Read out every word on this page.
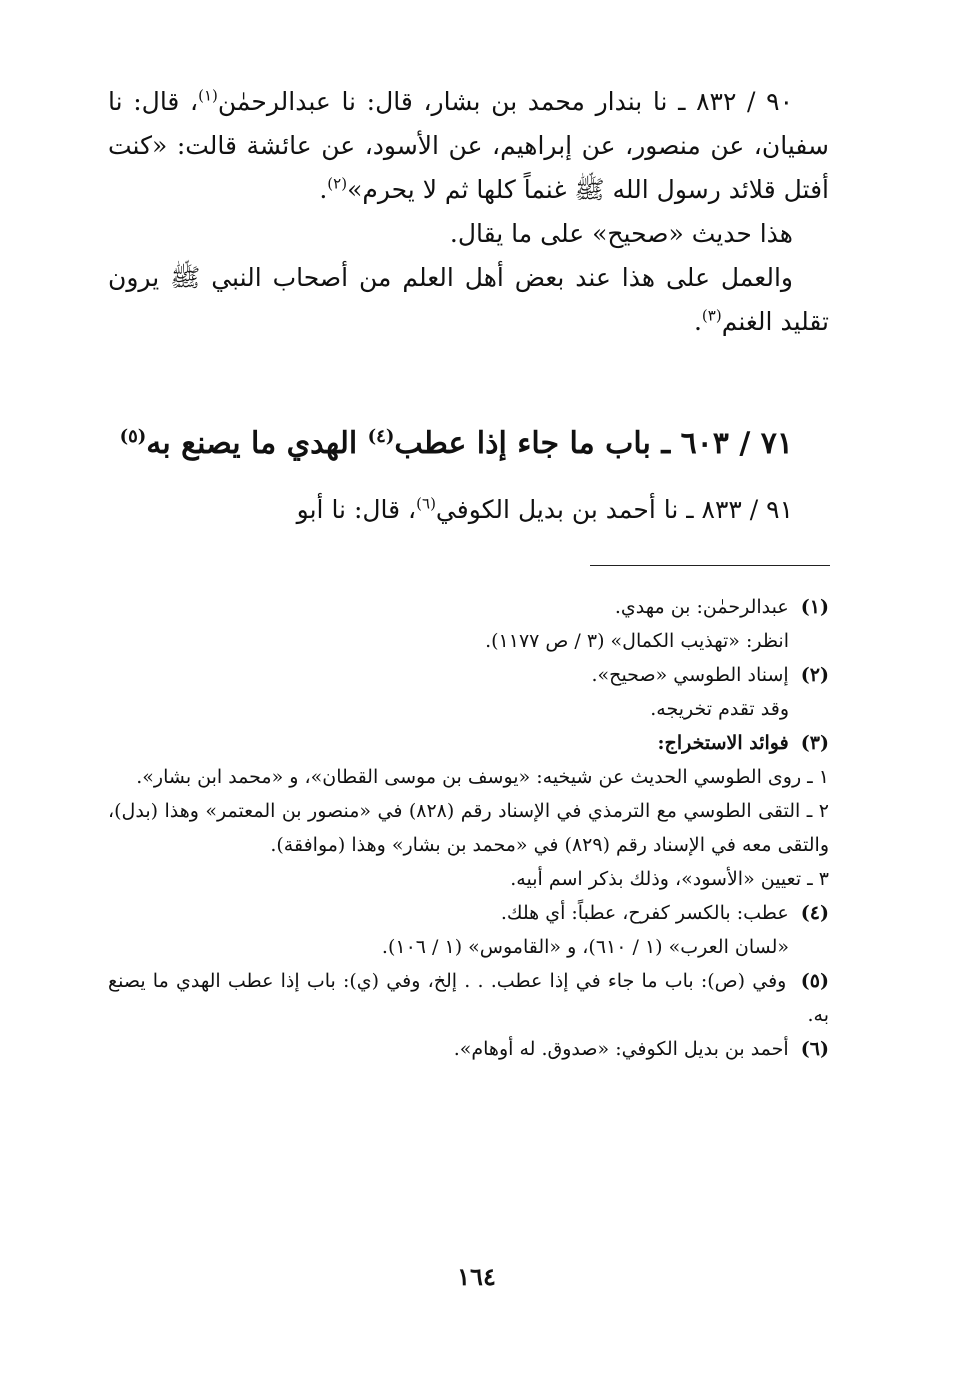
٩٠ / ٨٣٢ ـ نا بندار محمد بن بشار، قال: نا عبدالرحمٰن$^{(١)}$، قال: نا سفيان، عن منصور، عن إبراهيم، عن الأسود، عن عائشة قالت: «كنت أفتل قلائد رسول الله ﷺ غنماً كلها ثم لا يحرم»$^{(٢)}$.

هذا حديث «صحيح» على ما يقال.

والعمل على هذا عند بعض أهل العلم من أصحاب النبي ﷺ يرون تقليد الغنم$^{(٣)}$.

٧١ / ٦٠٣ ـ باب ما جاء إذا عطب$^{(٤)}$ الهدي ما يصنع به$^{(٥)}$
٩١ / ٨٣٣ ـ نا أحمد بن بديل الكوفي$^{(٦)}$، قال: نا أبو

(١)  عبدالرحمٰن: بن مهدي.

انظر: «تهذيب الكمال» (٣ / ص ١١٧٧).

(٢)  إسناد الطوسي «صحيح».

وقد تقدم تخريجه.

(٣)  فوائد الاستخراج:

١ ـ روى الطوسي الحديث عن شيخيه: «يوسف بن موسى القطان»، و «محمد ابن بشار».

٢ ـ التقى الطوسي مع الترمذي في الإسناد رقم (٨٢٨) في «منصور بن المعتمر» وهذا (بدل)، والتقى معه في الإسناد رقم (٨٢٩) في «محمد بن بشار» وهذا (موافقة).

٣ ـ تعيين «الأسود»، وذلك بذكر اسم أبيه.

(٤)  عطب: بالكسر كفرح، عطباً: أي هلك.

«لسان العرب» (١ / ٦١٠)، و «القاموس» (١ / ١٠٦).

(٥)  وفي (ص): باب ما جاء في إذا عطب. . . إلخ، وفي (ي): باب إذا عطب الهدي ما يصنع به.

(٦)  أحمد بن بديل الكوفي: «صدوق. له أوهام».

١٦٤
